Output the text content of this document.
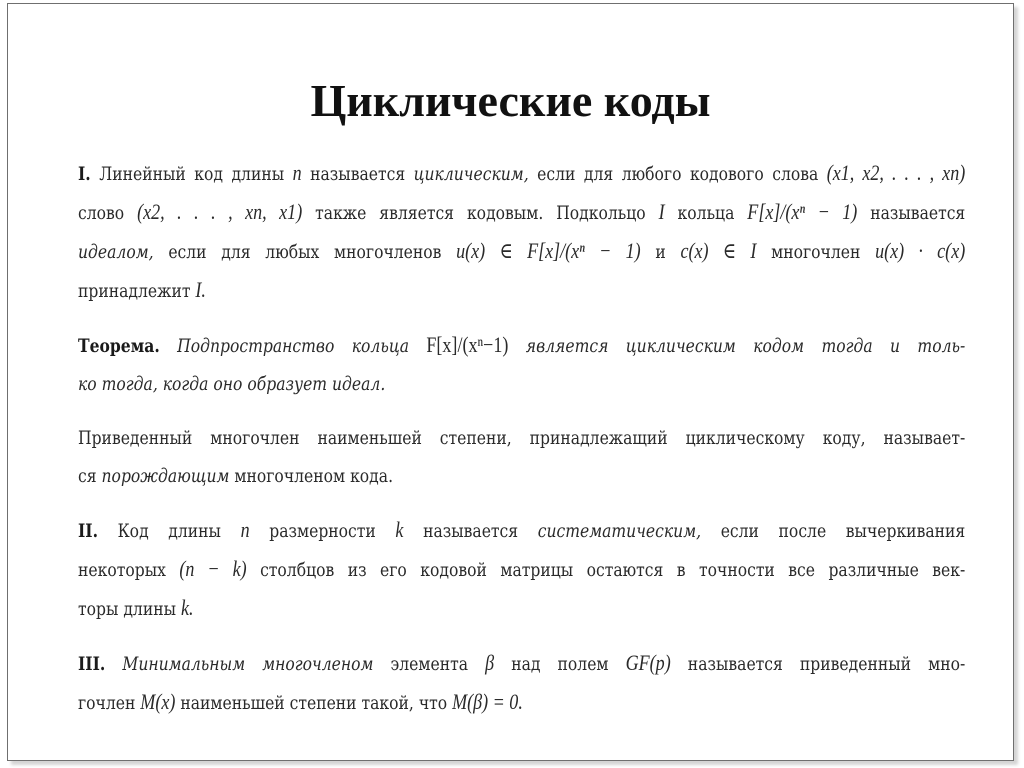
Циклические коды
I. Линейный код длины n называется циклическим, если для любого кодового слова (x1, x2, . . . , xn)
слово (x2, . . . , xn, x1) также является кодовым. Подкольцо I кольца F[x]/(xⁿ − 1) называется
идеалом, если для любых многочленов u(x) ∈ F[x]/(xⁿ − 1) и c(x) ∈ I многочлен u(x) · c(x)
принадлежит I.
Теорема. Подпространство кольца F[x]/(xⁿ−1) является циклическим кодом тогда и толь-
ко тогда, когда оно образует идеал.
Приведенный многочлен наименьшей степени, принадлежащий циклическому коду, называет-
ся порождающим многочленом кода.
II. Код длины n размерности k называется систематическим, если после вычеркивания
некоторых (n − k) столбцов из его кодовой матрицы остаются в точности все различные век-
торы длины k.
III. Минимальным многочленом элемента β над полем GF(p) называется приведенный мно-
гочлен M(x) наименьшей степени такой, что M(β) = 0.
